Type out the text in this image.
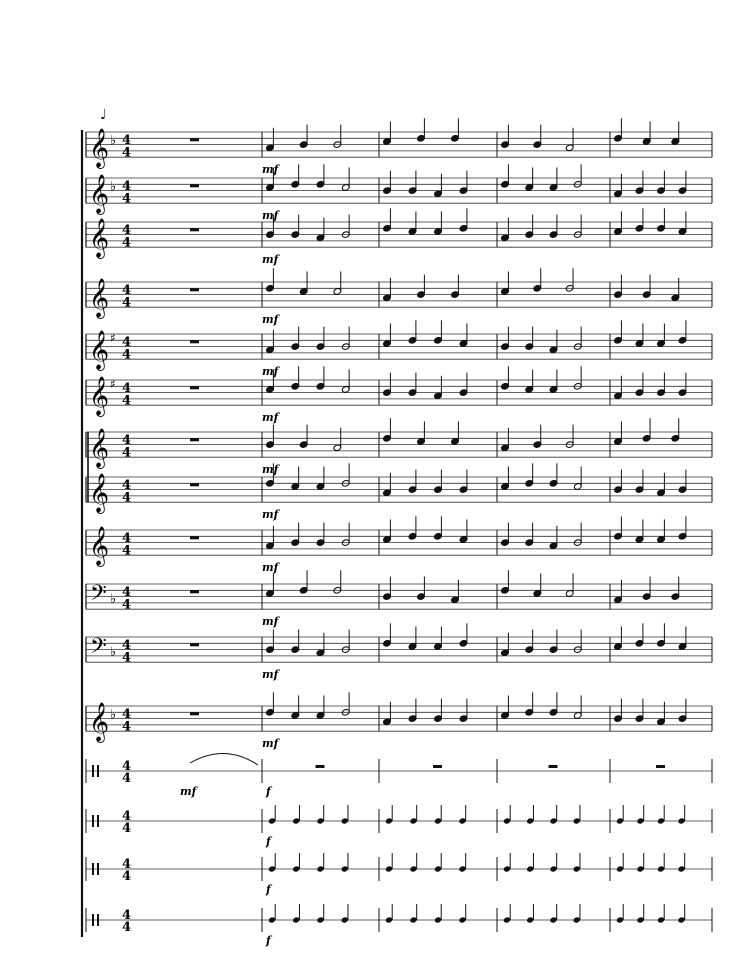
♩
𝄞 ♭ 4
4
mf
𝄞 ♭ 4
4
mf
𝄞 4
4
mf
𝄞 4
4
mf
𝄞 ♯ 4
4
mf
𝄞 ♯ 4
4
mf
𝄞 4
4
mf
𝄞 4
4
mf
𝄞 4
4
mf
𝄢 ♭ 4
4
mf
𝄢 ♭ 4
4
mf
𝄞 ♭ 4
4
mf
4
4
f
4
4
f
4
4
f
4
4
f
mf
